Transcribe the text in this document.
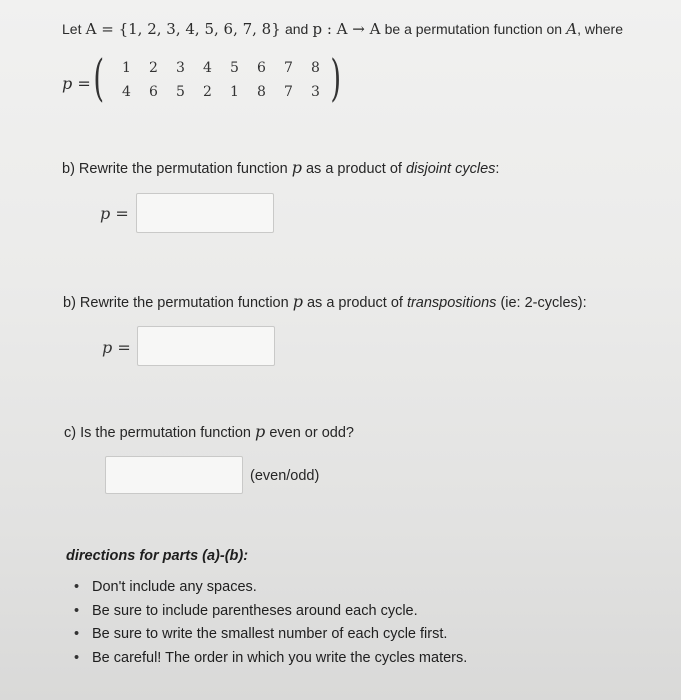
Let A = {1, 2, 3, 4, 5, 6, 7, 8} and p : A → A be a permutation function on A, where
p = (	1	2	3	4	5	6	7	8
4	6	5	2	1	8	7	3 )
b) Rewrite the permutation function p as a product of disjoint cycles:
p =
b) Rewrite the permutation function p as a product of transpositions (ie: 2-cycles):
p =
c) Is the permutation function p even or odd?
(even/odd)
directions for parts (a)-(b):
• Don't include any spaces.
• Be sure to include parentheses around each cycle.
• Be sure to write the smallest number of each cycle first.
• Be careful! The order in which you write the cycles maters.
